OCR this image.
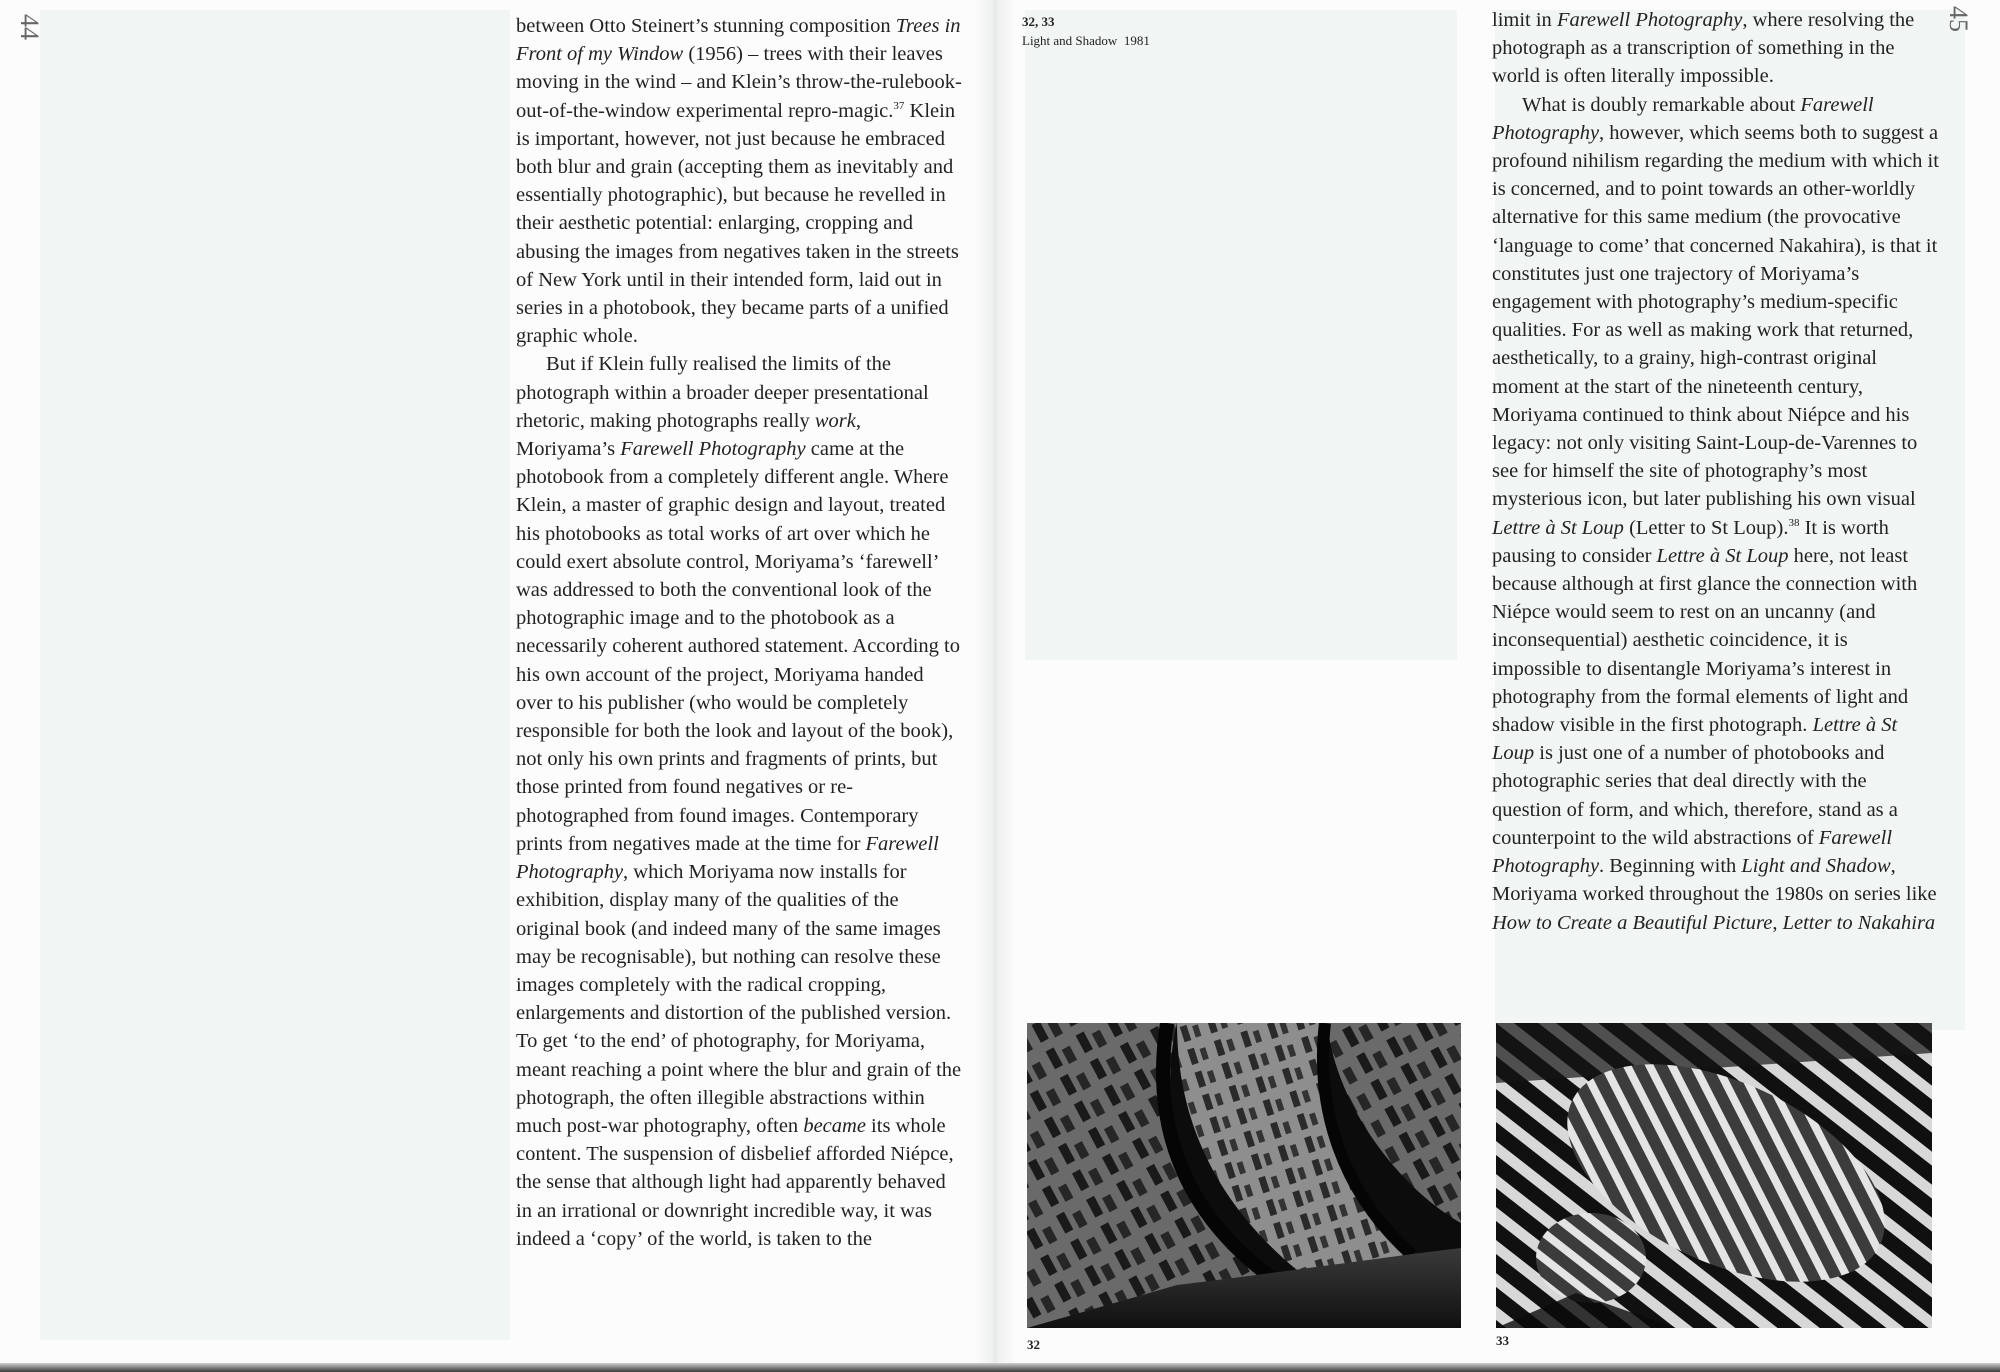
44	between Otto Steinert’s stunning composition Trees in Front of my Window (1956) – trees with their leaves moving in the wind – and Klein’s throw-the-rulebook-out-of-the-window experimental repro-magic.$^{37}$ Klein is important, however, not just because he embraced both blur and grain (accepting them as inevitably and essentially photographic), but because he revelled in their aesthetic potential: enlarging, cropping and abusing the images from negatives taken in the streets of New York until in their intended form, laid out in series in a photobook, they became parts of a unified graphic whole.

But if Klein fully realised the limits of the photograph within a broader deeper presentational rhetoric, making photographs really work, Moriyama’s Farewell Photography came at the photobook from a completely different angle. Where Klein, a master of graphic design and layout, treated his photobooks as total works of art over which he could exert absolute control, Moriyama’s ‘farewell’ was addressed to both the conventional look of the photographic image and to the photobook as a necessarily coherent authored statement. According to his own account of the project, Moriyama handed over to his publisher (who would be completely responsible for both the look and layout of the book), not only his own prints and fragments of prints, but those printed from found negatives or re-photographed from found images. Contemporary prints from negatives made at the time for Farewell Photography, which Moriyama now installs for exhibition, display many of the qualities of the original book (and indeed many of the same images may be recognisable), but nothing can resolve these images completely with the radical cropping, enlargements and distortion of the published version. To get ‘to the end’ of photography, for Moriyama, meant reaching a point where the blur and grain of the photograph, the often illegible abstractions within much post-war photography, often became its whole content. The suspension of disbelief afforded Niépce, the sense that although light had apparently behaved in an irrational or downright incredible way, it was indeed a ‘copy’ of the world, is taken to the

32, 33
Light and Shadow 1981
45

limit in Farewell Photography, where resolving the photograph as a transcription of something in the world is often literally impossible.

What is doubly remarkable about Farewell Photography, however, which seems both to suggest a profound nihilism regarding the medium with which it is concerned, and to point towards an other-worldly alternative for this same medium (the provocative ‘language to come’ that concerned Nakahira), is that it constitutes just one trajectory of Moriyama’s engagement with photography’s medium-specific qualities. For as well as making work that returned, aesthetically, to a grainy, high-contrast original moment at the start of the nineteenth century, Moriyama continued to think about Niépce and his legacy: not only visiting Saint-Loup-de-Varennes to see for himself the site of photography’s most mysterious icon, but later publishing his own visual Lettre à St Loup (Letter to St Loup).$^{38}$ It is worth pausing to consider Lettre à St Loup here, not least because although at first glance the connection with Niépce would seem to rest on an uncanny (and inconsequential) aesthetic coincidence, it is impossible to disentangle Moriyama’s interest in photography from the formal elements of light and shadow visible in the first photograph. Lettre à St Loup is just one of a number of photobooks and photographic series that deal directly with the question of form, and which, therefore, stand as a counterpoint to the wild abstractions of Farewell Photography. Beginning with Light and Shadow, Moriyama worked throughout the 1980s on series like How to Create a Beautiful Picture, Letter to Nakahira

32	33
